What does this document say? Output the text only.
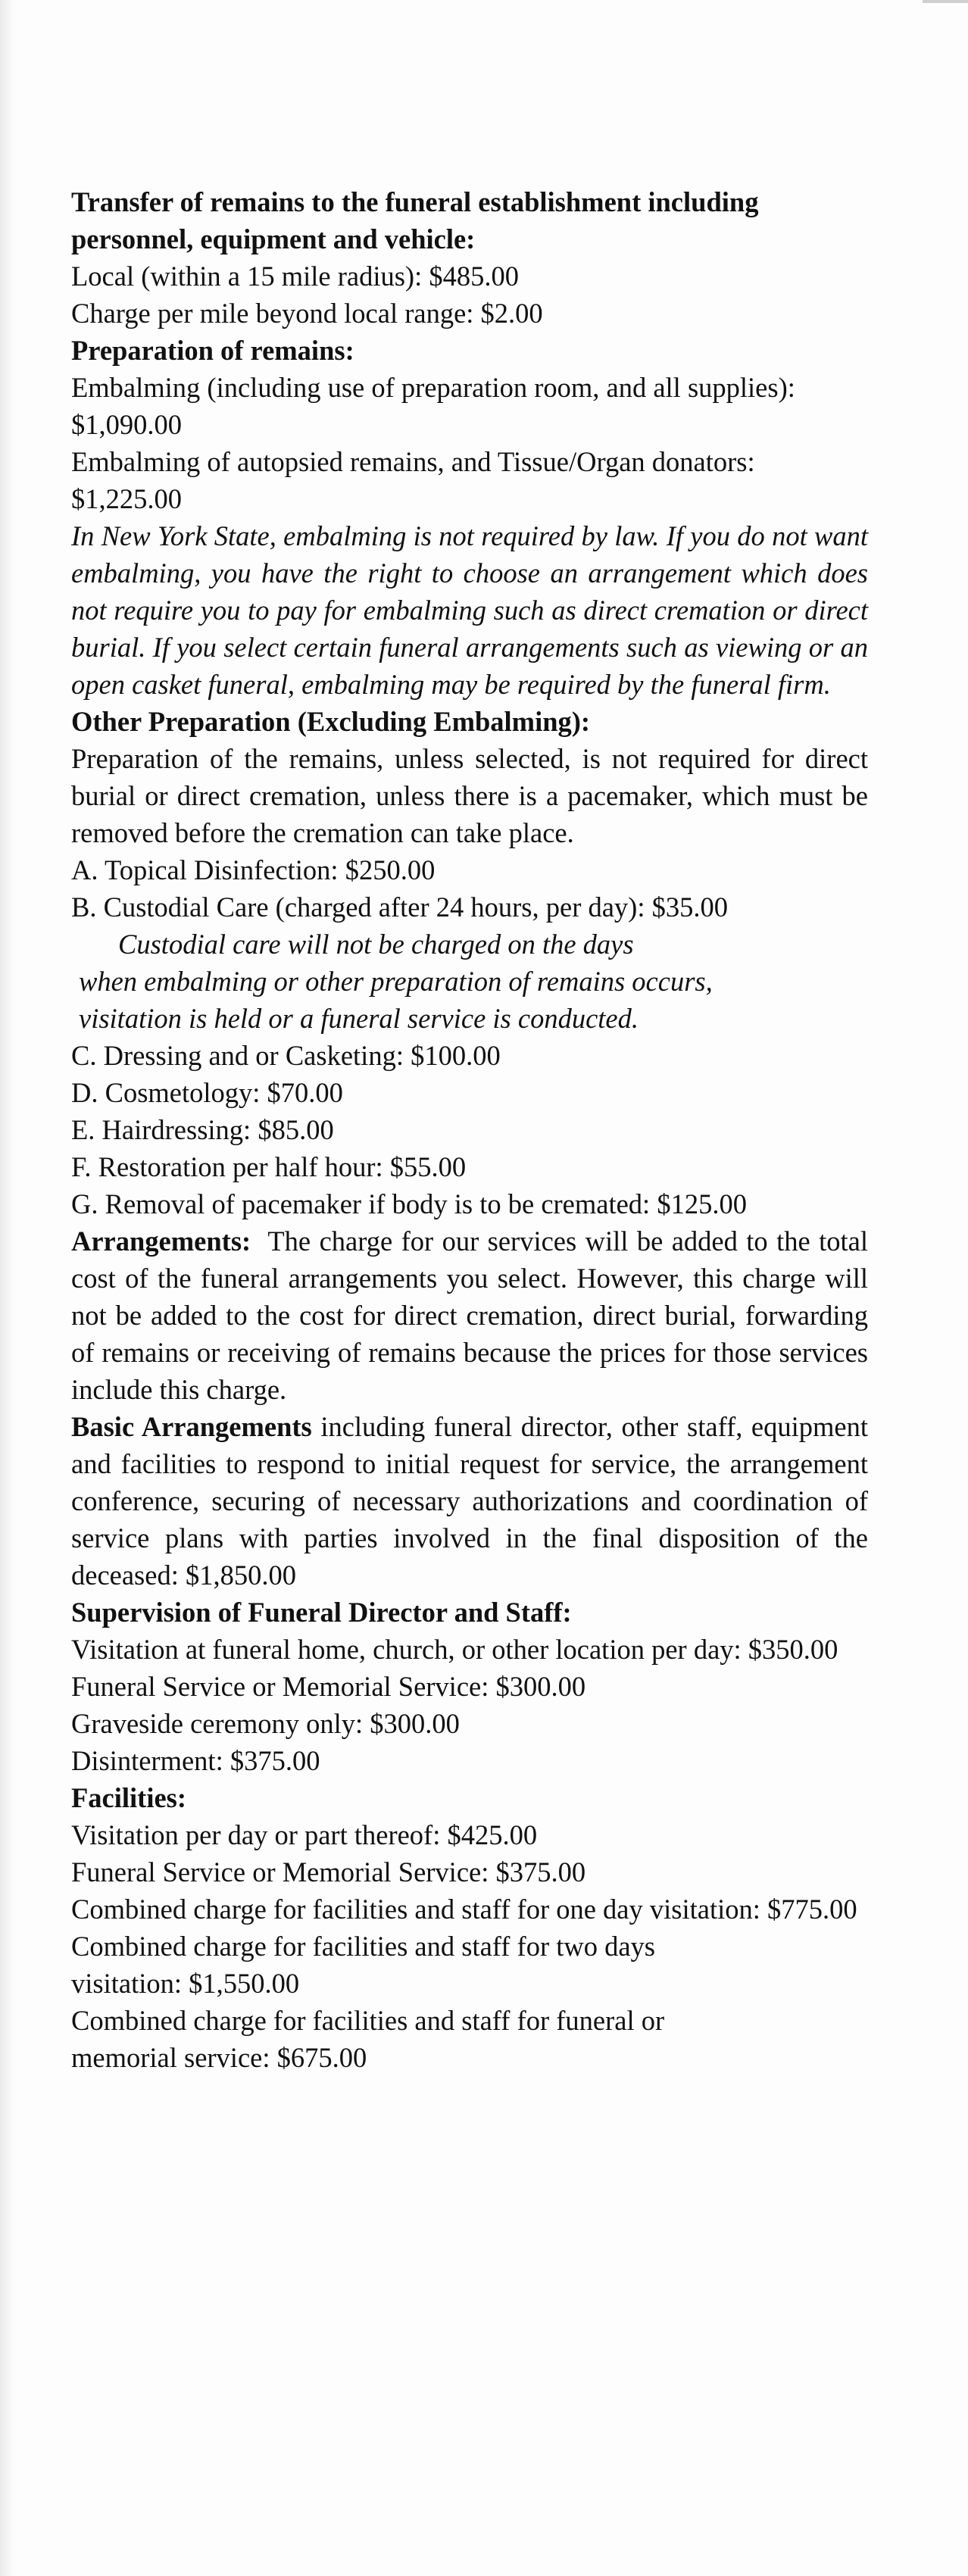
Transfer of remains to the funeral establishment including personnel, equipment and vehicle:

Local (within a 15 mile radius): $485.00

Charge per mile beyond local range: $2.00

Preparation of remains:

Embalming (including use of preparation room, and all supplies): $1,090.00

Embalming of autopsied remains, and Tissue/Organ donators: $1,225.00

In New York State, embalming is not required by law. If you do not want embalming, you have the right to choose an arrangement which does not require you to pay for embalming such as direct cremation or direct burial. If you select certain funeral arrangements such as viewing or an open casket funeral, embalming may be required by the funeral firm.

Other Preparation (Excluding Embalming):

Preparation of the remains, unless selected, is not required for direct burial or direct cremation, unless there is a pacemaker, which must be removed before the cremation can take place.

A. Topical Disinfection: $250.00

B. Custodial Care (charged after 24 hours, per day): $35.00

Custodial care will not be charged on the days

when embalming or other preparation of remains occurs,

visitation is held or a funeral service is conducted.

C. Dressing and or Casketing: $100.00

D. Cosmetology: $70.00

E. Hairdressing: $85.00

F. Restoration per half hour: $55.00

G. Removal of pacemaker if body is to be cremated: $125.00

Arrangements: The charge for our services will be added to the total cost of the funeral arrangements you select. However, this charge will not be added to the cost for direct cremation, direct burial, forwarding of remains or receiving of remains because the prices for those services include this charge.

Basic Arrangements including funeral director, other staff, equipment and facilities to respond to initial request for service, the arrangement conference, securing of necessary authorizations and coordination of service plans with parties involved in the final disposition of the deceased: $1,850.00

Supervision of Funeral Director and Staff:

Visitation at funeral home, church, or other location per day: $350.00

Funeral Service or Memorial Service: $300.00

Graveside ceremony only: $300.00

Disinterment: $375.00

Facilities:

Visitation per day or part thereof: $425.00

Funeral Service or Memorial Service: $375.00

Combined charge for facilities and staff for one day visitation: $775.00

Combined charge for facilities and staff for two days

visitation: $1,550.00

Combined charge for facilities and staff for funeral or

memorial service: $675.00
